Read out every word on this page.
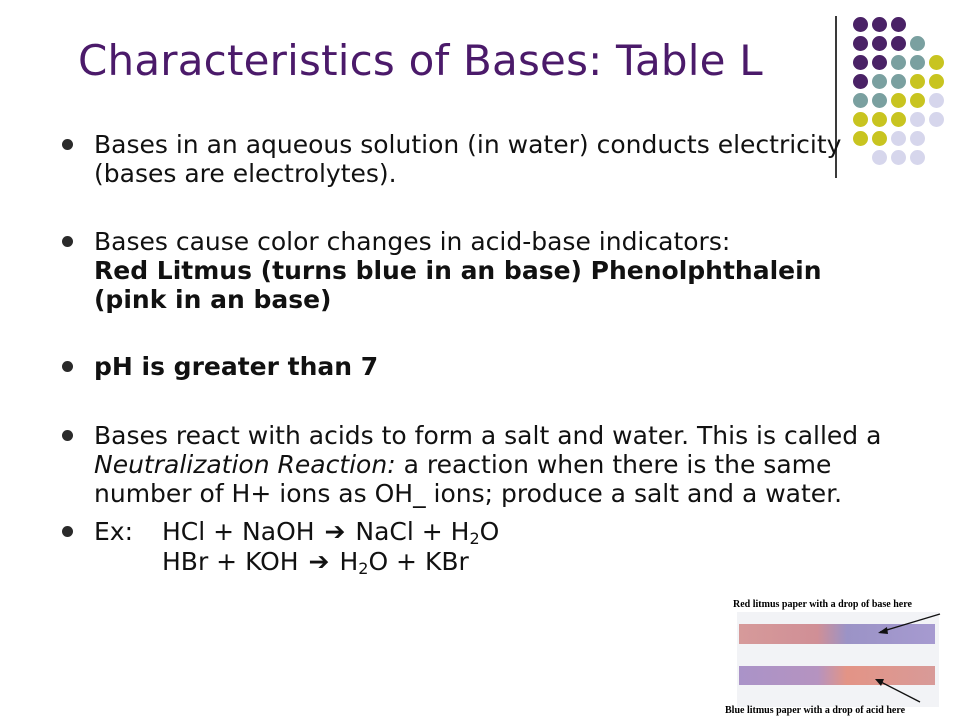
Characteristics of Bases: Table L
Bases in an aqueous solution (in water) conducts electricity (bases are electrolytes).
Bases cause color changes in acid-base indicators:
Red Litmus (turns blue in an base) Phenolphthalein (pink in an base)
pH is greater than 7
Bases react with acids to form a salt and water. This is called a Neutralization Reaction: a reaction when there is the same number of H+ ions as OH_ ions; produce a salt and a water.
Ex: HCl + NaOH ➔ NaCl + $H_2O$
HBr + KOH ➔ $H_2O$ + KBr
Red litmus paper with a drop of base here
Blue litmus paper with a drop of acid here
